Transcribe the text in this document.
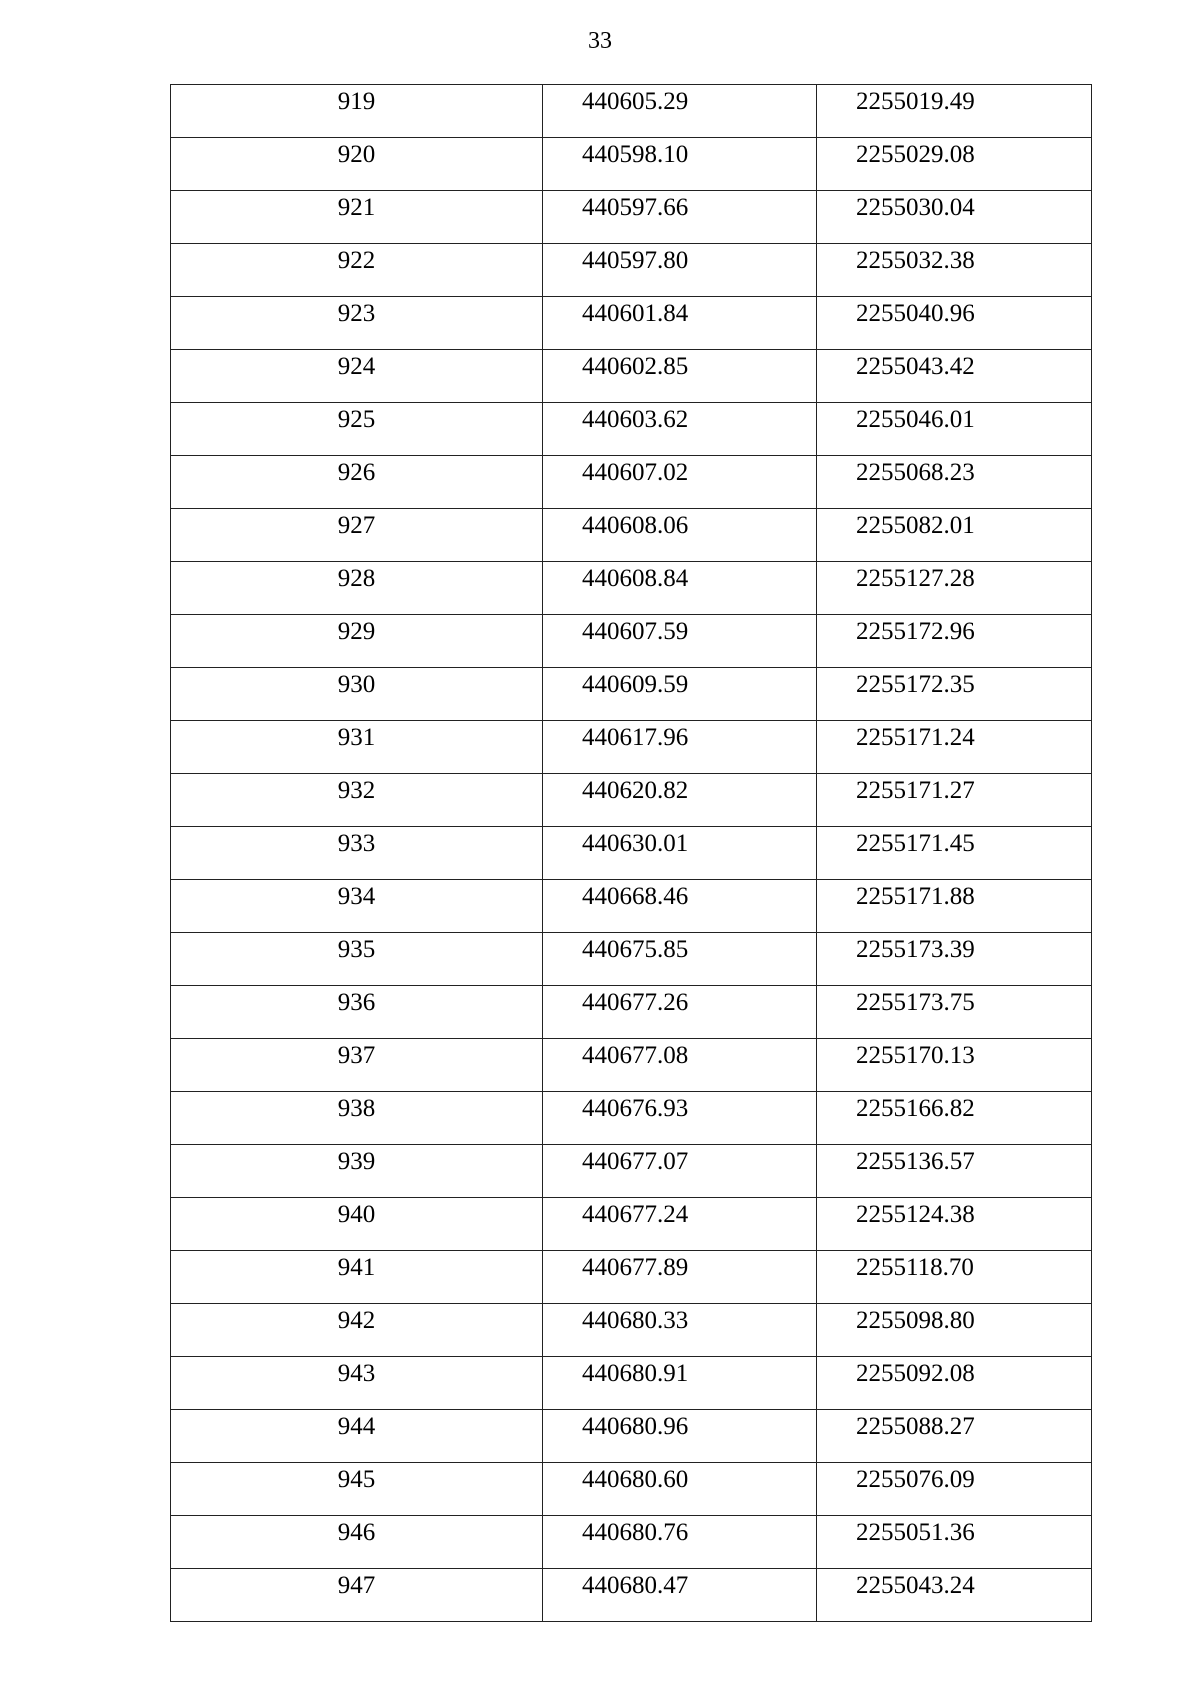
33
919	440605.29	2255019.49
920	440598.10	2255029.08
921	440597.66	2255030.04
922	440597.80	2255032.38
923	440601.84	2255040.96
924	440602.85	2255043.42
925	440603.62	2255046.01
926	440607.02	2255068.23
927	440608.06	2255082.01
928	440608.84	2255127.28
929	440607.59	2255172.96
930	440609.59	2255172.35
931	440617.96	2255171.24
932	440620.82	2255171.27
933	440630.01	2255171.45
934	440668.46	2255171.88
935	440675.85	2255173.39
936	440677.26	2255173.75
937	440677.08	2255170.13
938	440676.93	2255166.82
939	440677.07	2255136.57
940	440677.24	2255124.38
941	440677.89	2255118.70
942	440680.33	2255098.80
943	440680.91	2255092.08
944	440680.96	2255088.27
945	440680.60	2255076.09
946	440680.76	2255051.36
947	440680.47	2255043.24
